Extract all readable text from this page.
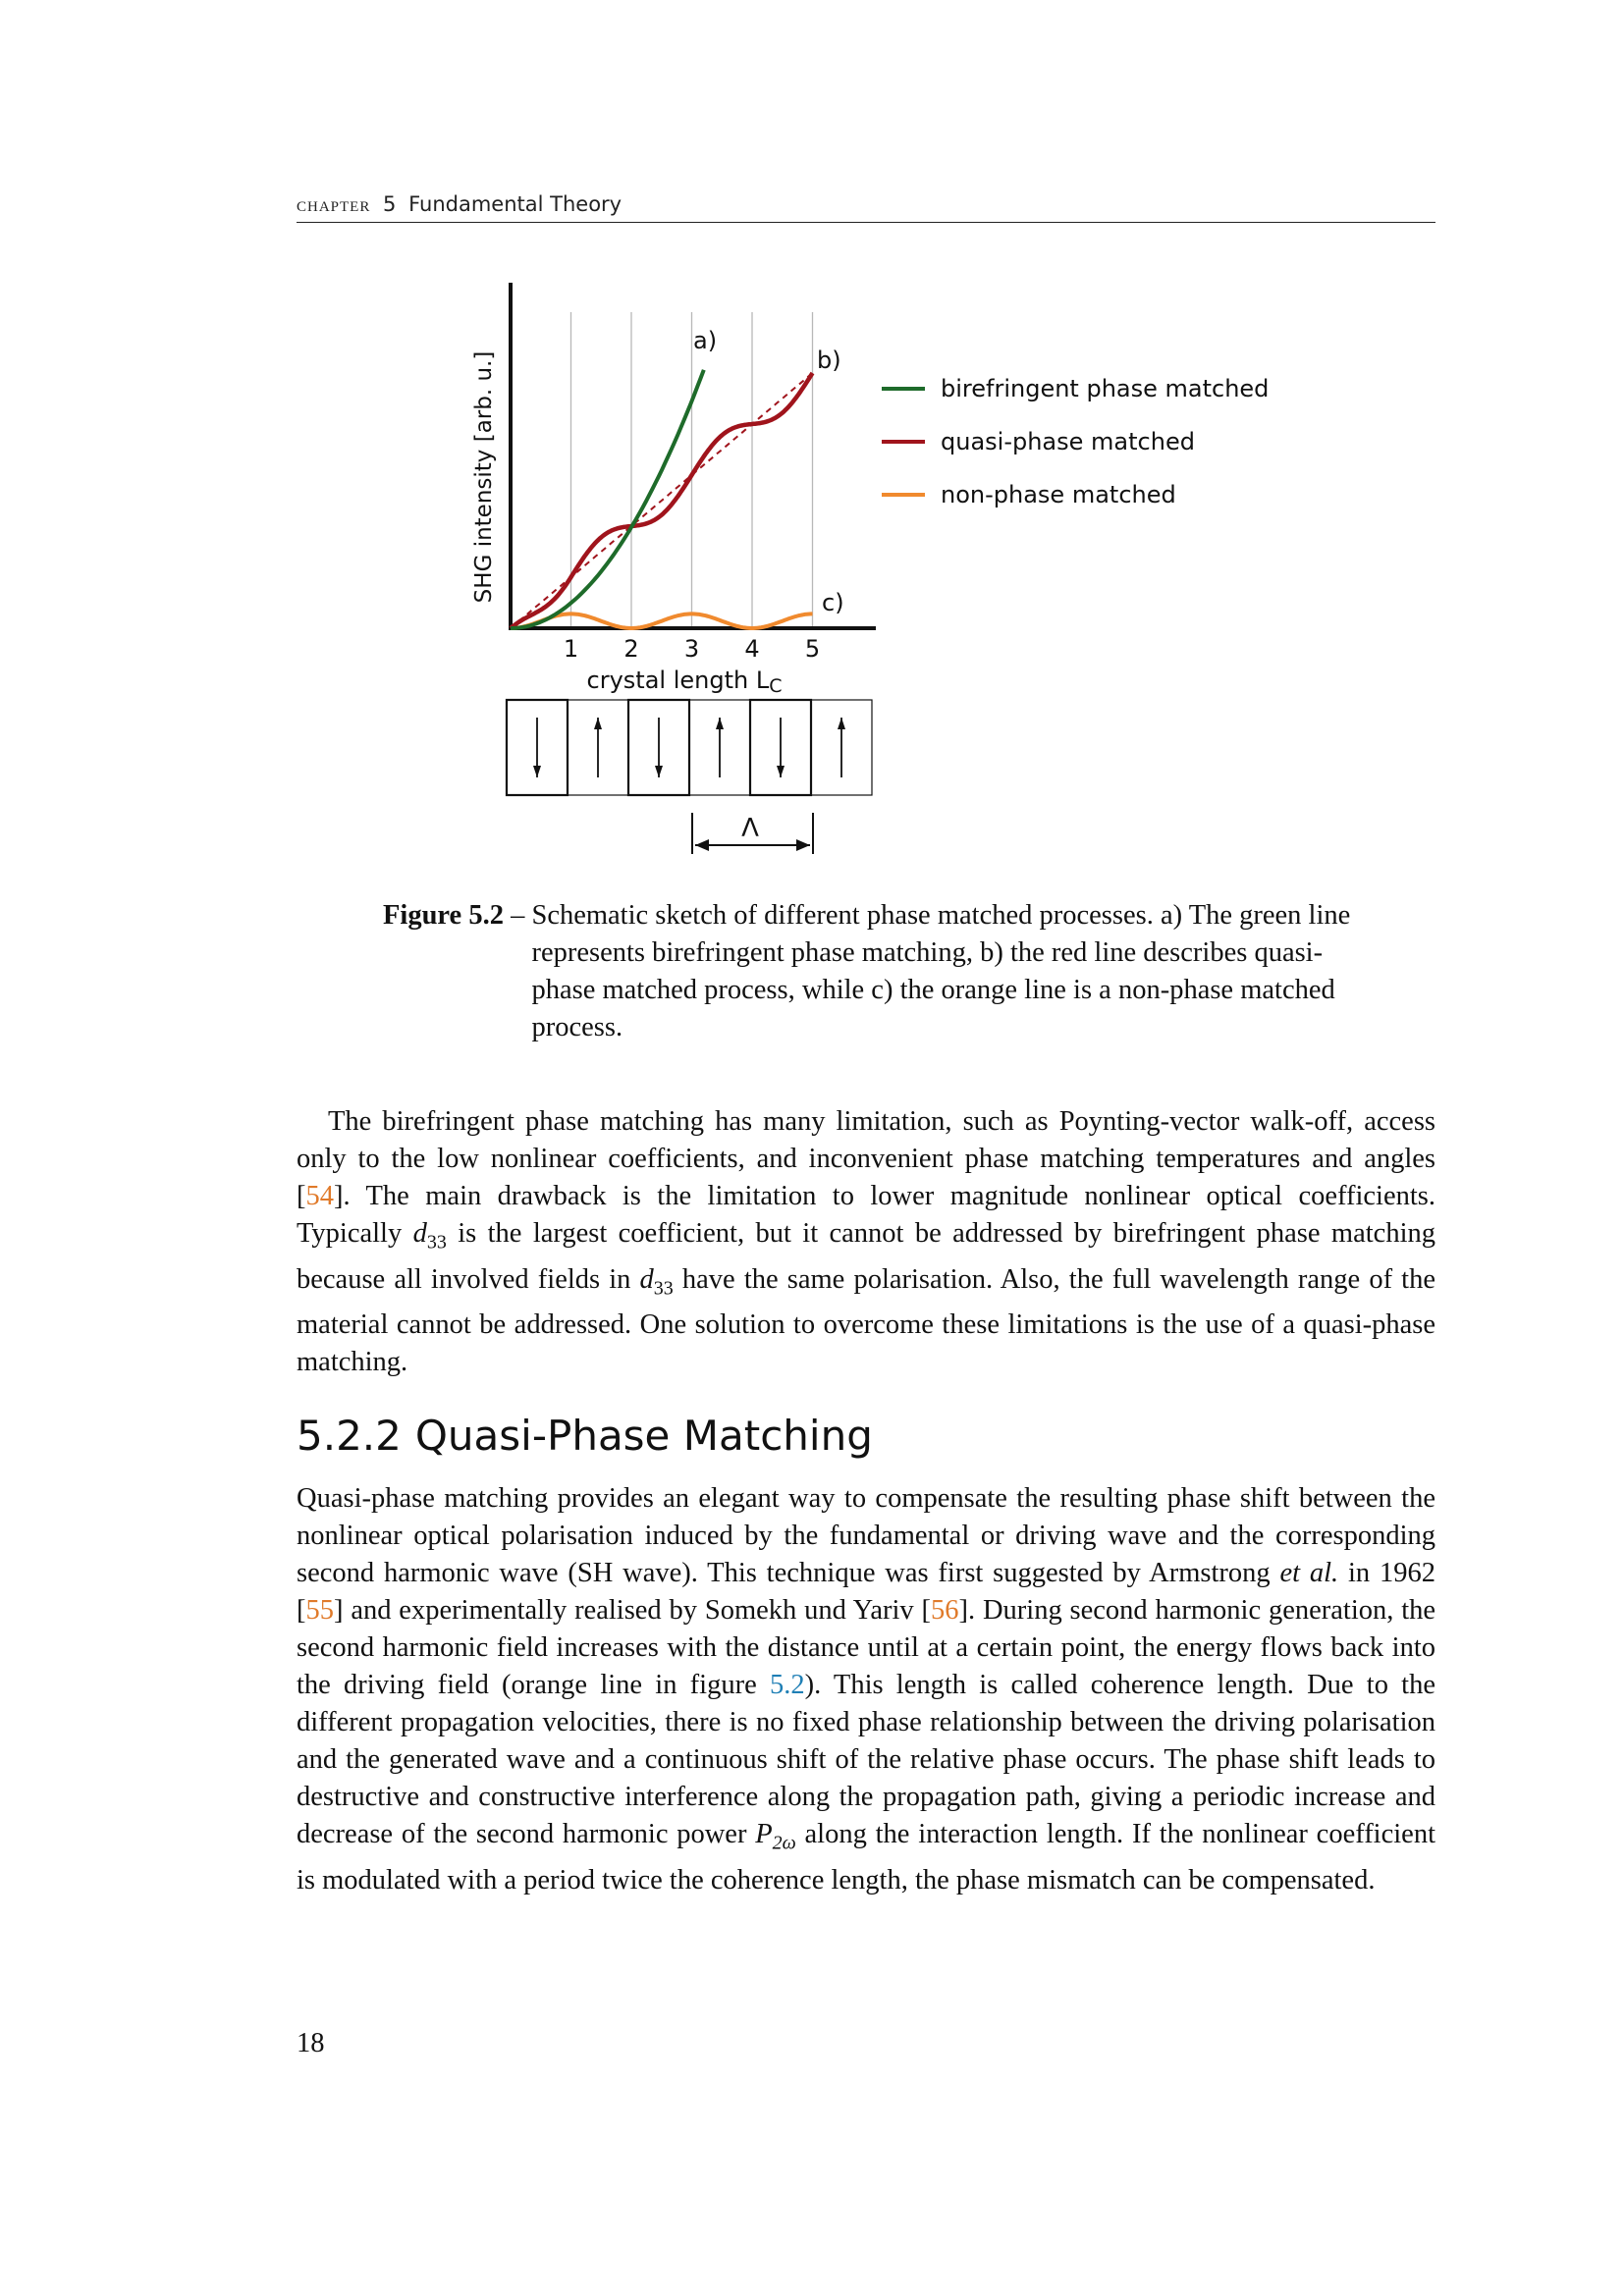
chapter 5 Fundamental Theory
SHG intensity [arb. u.]
1 2 3 4 5
crystal length LC
a)
b)
c)
birefringent phase matched
quasi-phase matched
non-phase matched
Λ
Figure 5.2 – Schematic sketch of different phase matched processes. a) The green line represents birefringent phase matching, b) the red line describes quasi-phase matched process, while c) the orange line is a non-phase matched process.
The birefringent phase matching has many limitation, such as Poynting-vector walk-off, access only to the low nonlinear coefficients, and inconvenient phase matching temperatures and angles [54]. The main drawback is the limitation to lower magnitude nonlinear optical coefficients. Typically $d_{33}$ is the largest coefficient, but it cannot be addressed by birefringent phase matching because all involved fields in $d_{33}$ have the same polarisation. Also, the full wavelength range of the material cannot be addressed. One solution to overcome these limitations is the use of a quasi-phase matching.
5.2.2 Quasi-Phase Matching
Quasi-phase matching provides an elegant way to compensate the resulting phase shift between the nonlinear optical polarisation induced by the fundamental or driving wave and the corresponding second harmonic wave (SH wave). This technique was first suggested by Armstrong et al. in 1962 [55] and experimentally realised by Somekh und Yariv [56]. During second harmonic generation, the second harmonic field increases with the distance until at a certain point, the energy flows back into the driving field (orange line in figure 5.2). This length is called coherence length. Due to the different propagation velocities, there is no fixed phase relationship between the driving polarisation and the generated wave and a continuous shift of the relative phase occurs. The phase shift leads to destructive and constructive interference along the propagation path, giving a periodic increase and decrease of the second harmonic power $P_{2\omega}$ along the interaction length. If the nonlinear coefficient is modulated with a period twice the coherence length, the phase mismatch can be compensated.
18
